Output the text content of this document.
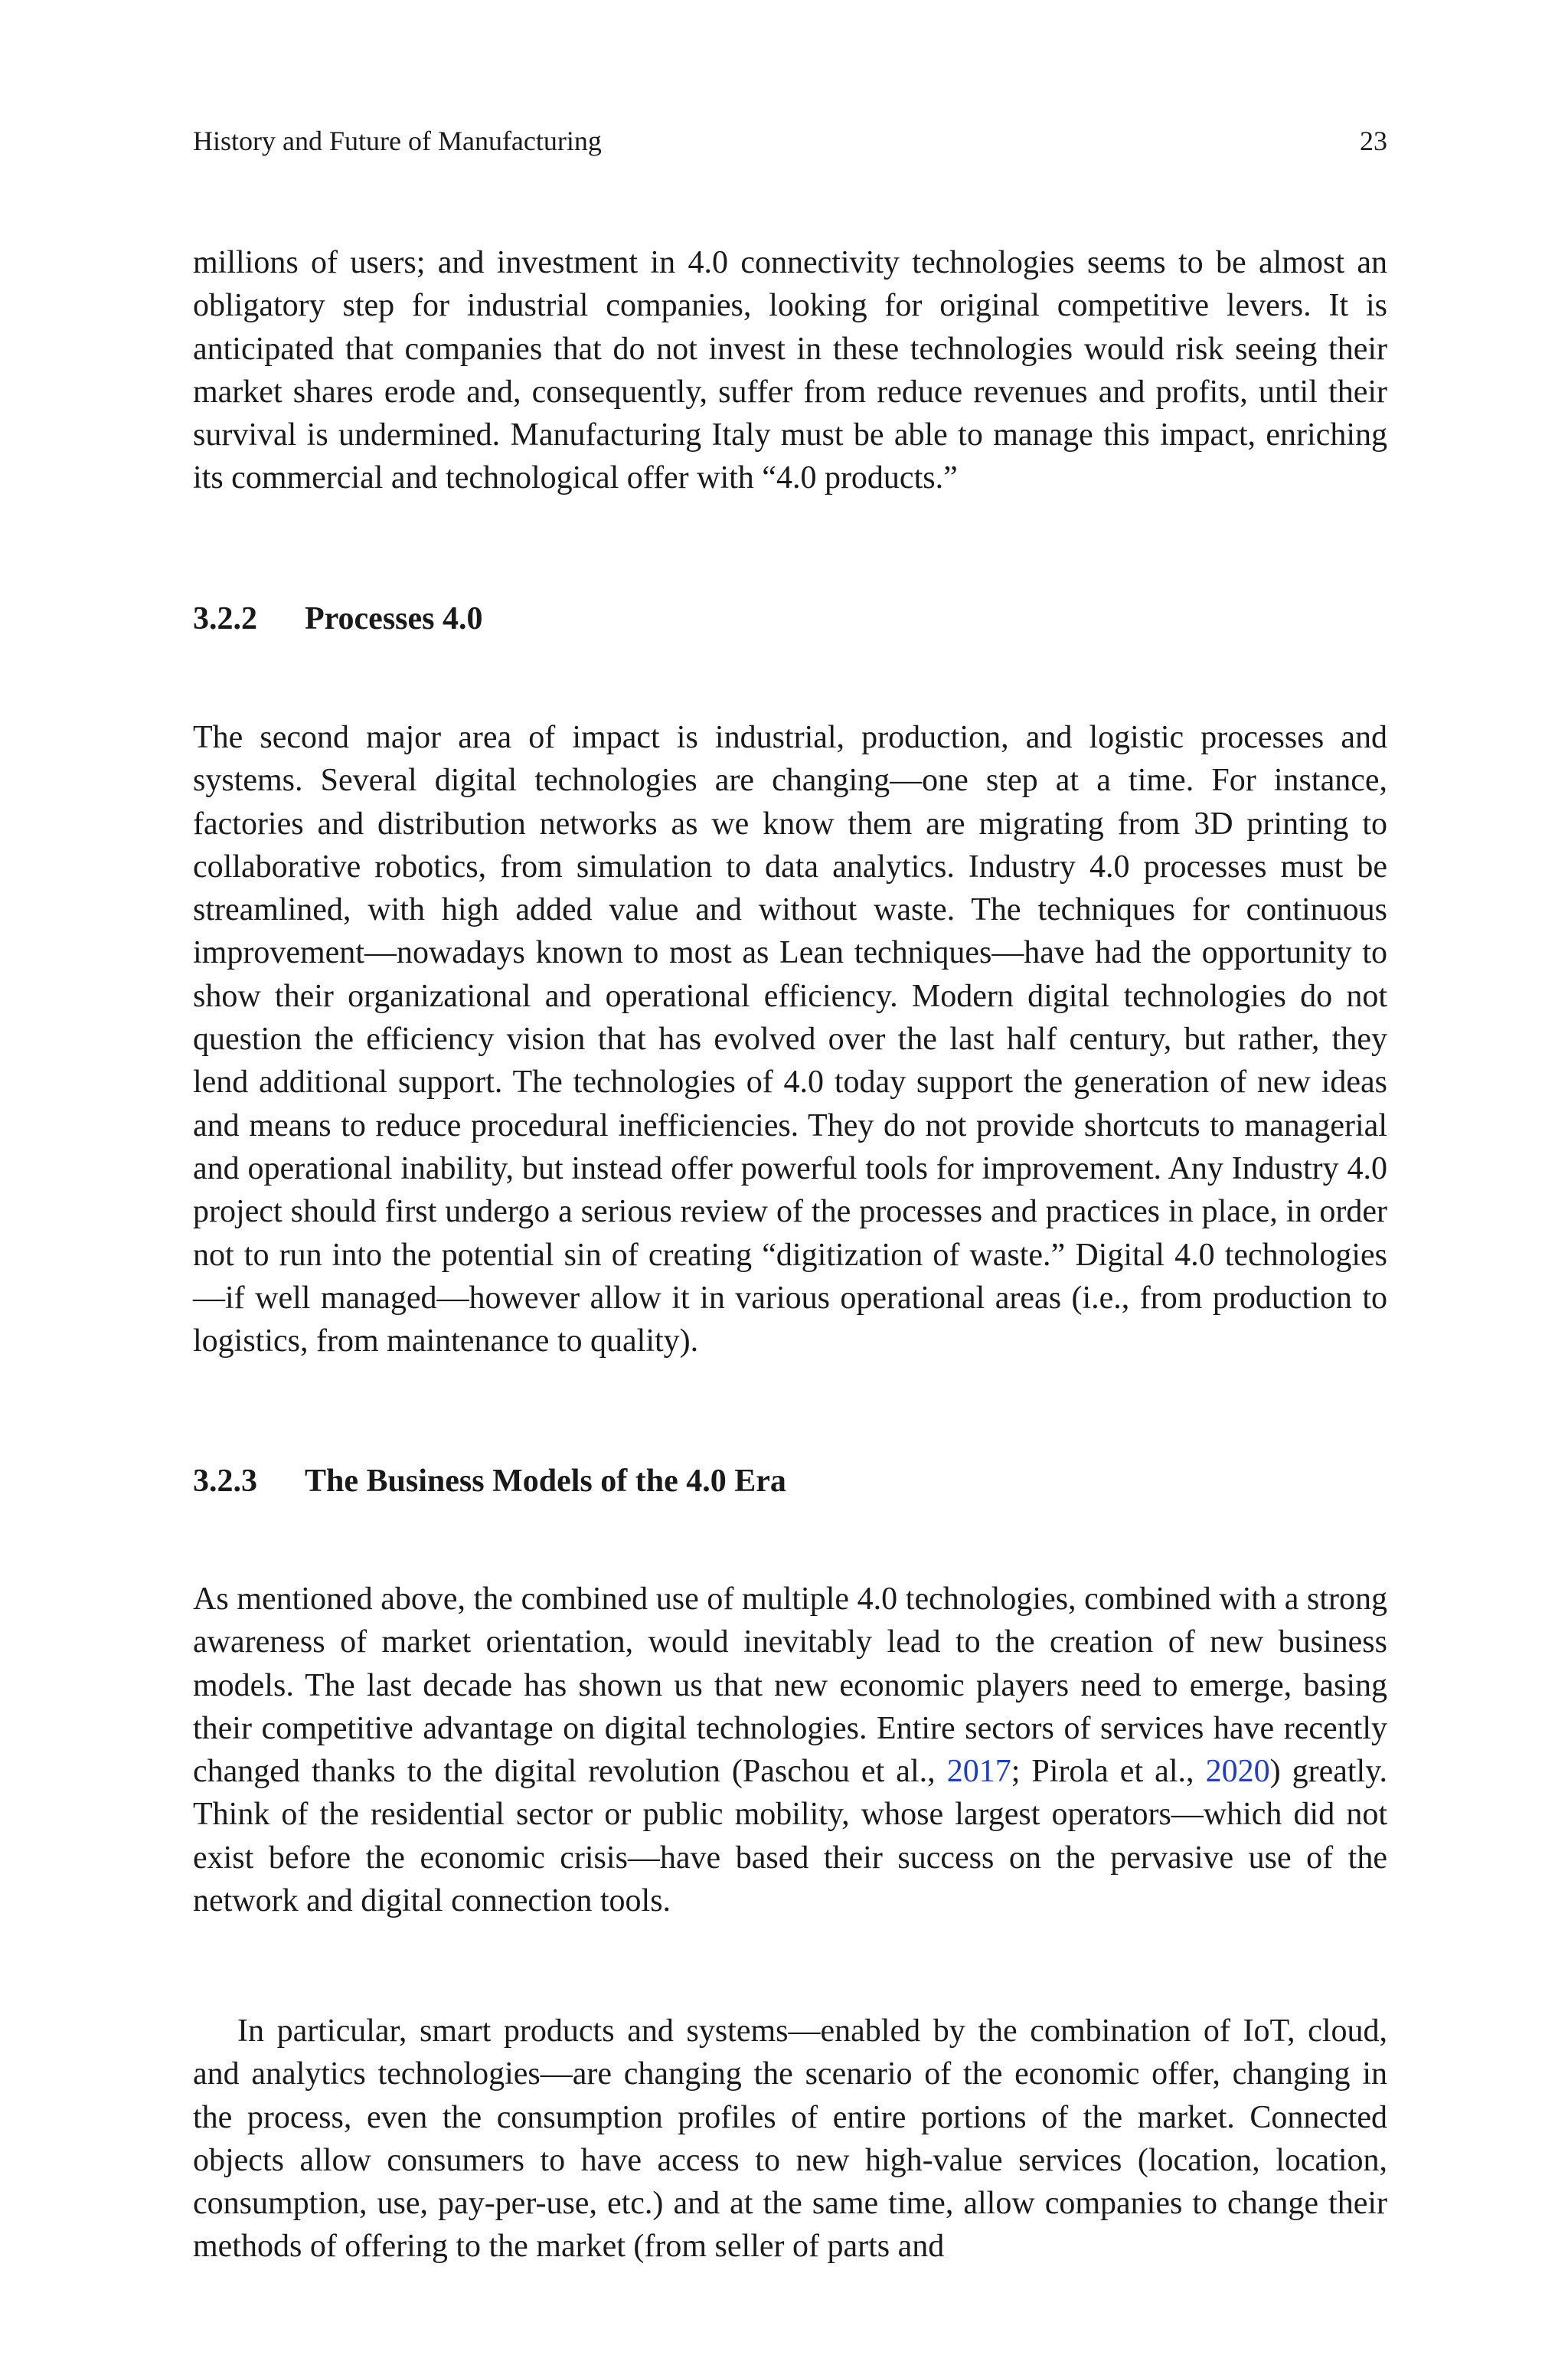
History and Future of Manufacturing	23

millions of users; and investment in 4.0 connectivity technologies seems to be almost an obligatory step for industrial companies, looking for original competitive levers. It is anticipated that companies that do not invest in these technologies would risk seeing their market shares erode and, consequently, suffer from reduce revenues and profits, until their survival is undermined. Manufacturing Italy must be able to manage this impact, enriching its commercial and technological offer with “4.0 products.”

3.2.2 Processes 4.0

The second major area of impact is industrial, production, and logistic processes and systems. Several digital technologies are changing—one step at a time. For instance, factories and distribution networks as we know them are migrating from 3D printing to collaborative robotics, from simulation to data analytics. Industry 4.0 processes must be streamlined, with high added value and without waste. The techniques for continuous improvement—nowadays known to most as Lean techniques—have had the opportunity to show their organizational and operational efficiency. Modern digital technologies do not question the efficiency vision that has evolved over the last half century, but rather, they lend additional support. The technologies of 4.0 today support the generation of new ideas and means to reduce procedural inefficiencies. They do not provide shortcuts to managerial and operational inability, but instead offer powerful tools for improvement. Any Industry 4.0 project should first undergo a serious review of the processes and practices in place, in order not to run into the potential sin of creating “digitization of waste.” Digital 4.0 technologies—if well managed—however allow it in various operational areas (i.e., from production to logistics, from maintenance to quality).

3.2.3 The Business Models of the 4.0 Era

As mentioned above, the combined use of multiple 4.0 technologies, combined with a strong awareness of market orientation, would inevitably lead to the creation of new business models. The last decade has shown us that new economic players need to emerge, basing their competitive advantage on digital technologies. Entire sectors of services have recently changed thanks to the digital revolution (Paschou et al., 2017; Pirola et al., 2020) greatly. Think of the residential sector or public mobility, whose largest operators—which did not exist before the economic crisis—have based their success on the pervasive use of the network and digital connection tools.

In particular, smart products and systems—enabled by the combination of IoT, cloud, and analytics technologies—are changing the scenario of the economic offer, changing in the process, even the consumption profiles of entire portions of the market. Connected objects allow consumers to have access to new high-value services (location, location, consumption, use, pay-per-use, etc.) and at the same time, allow companies to change their methods of offering to the market (from seller of parts and
